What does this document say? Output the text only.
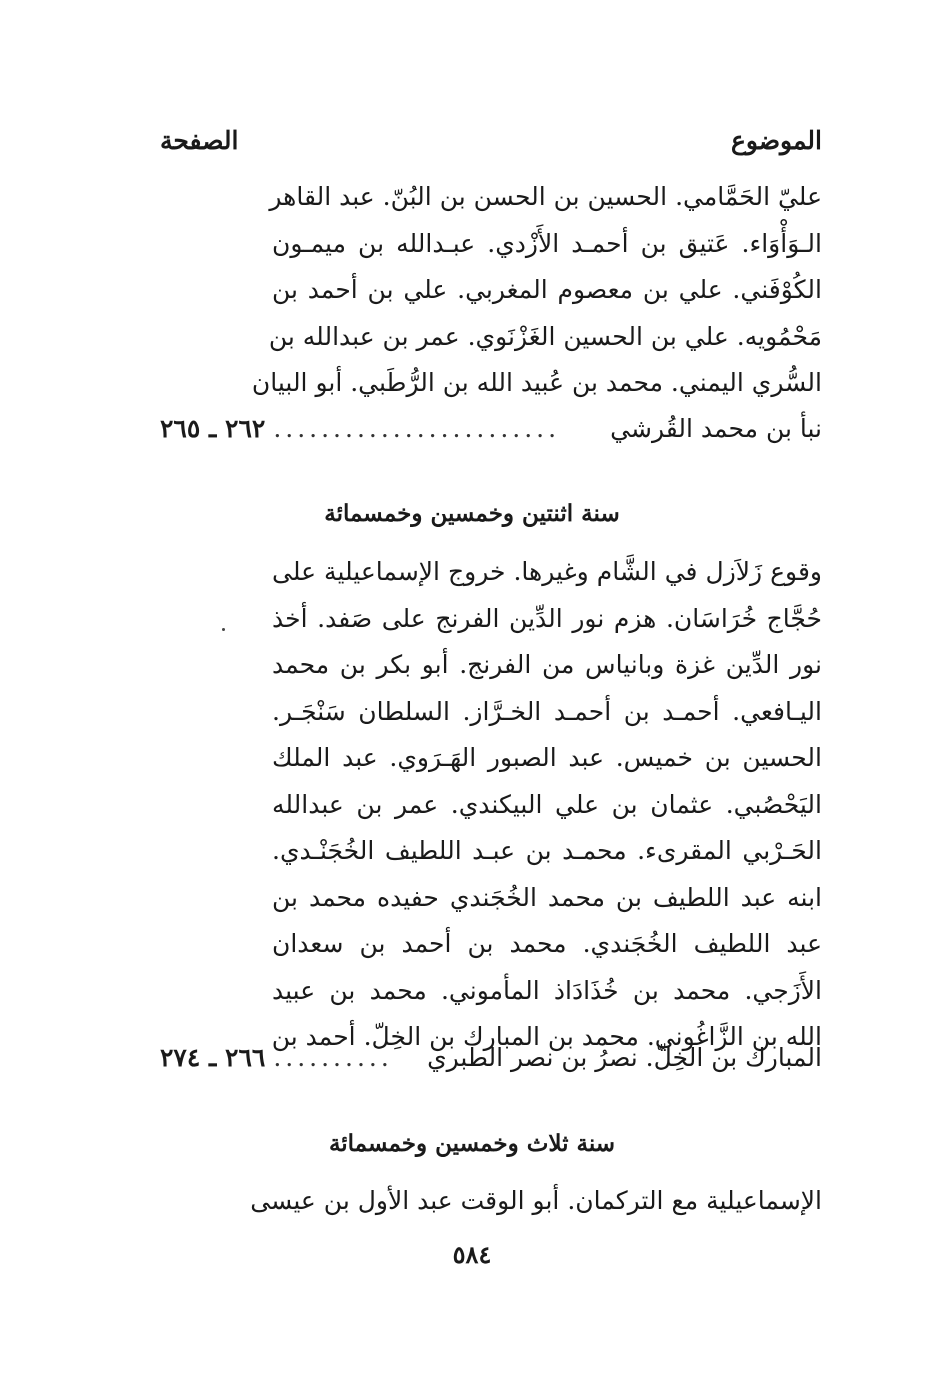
الموضوع
الصفحة
عليّ الحَمَّامي. الحسين بن الحسن بن البُنّ. عبد القاهر
الـوَأْوَاء. عَتيق بن أحمـد الأَزْدي. عبـدالله بن ميمـون
الكُوْفَني. علي بن معصوم المغربي. علي بن أحمد بن
مَحْمُويه. علي بن الحسين الغَزْنَوي. عمر بن عبدالله بن
السُّري اليمني. محمد بن عُبيد الله بن الرُّطَبي. أبو البيان
نبأ بن محمد القُرشي
........................
٢٦٢ ـ ٢٦٥
سنة اثنتين وخمسين وخمسمائة
وقوع زَلاَزل في الشَّام وغيرها. خروج الإسماعيلية على
حُجَّاج خُرَاسَان. هزم نور الدِّين الفرنج على صَفد. أخذ
نور الدِّين غزة وبانياس من الفرنج. أبو بكر بن محمد
اليـافعي. أحمـد بن أحمـد الخـرَّاز. السلطان سَنْجَـر.
الحسين بن خميس. عبد الصبور الهَـرَوي. عبد الملك
اليَحْصُبي. عثمان بن علي البيكندي. عمر بن عبدالله
الحَـرْبي المقرىء. محمـد بن عبـد اللطيف الخُجَنْـدي.
ابنه عبد اللطيف بن محمد الخُجَندي حفيده محمد بن
عبد اللطيف الخُجَندي. محمد بن أحمد بن سعدان
الأَزَجي. محمد بن خُذَادَاذ المأموني. محمد بن عبيد
الله بن الزَّاغُوني. محمد بن المبارك بن الخِلّ. أحمد بن
المبارك بن الخِلّ. نصرُ بن نصر الطبري
..........
٢٦٦ ـ ٢٧٤
سنة ثلاث وخمسين وخمسمائة
الإسماعيلية مع التركمان. أبو الوقت عبد الأول بن عيسى
٥٨٤
